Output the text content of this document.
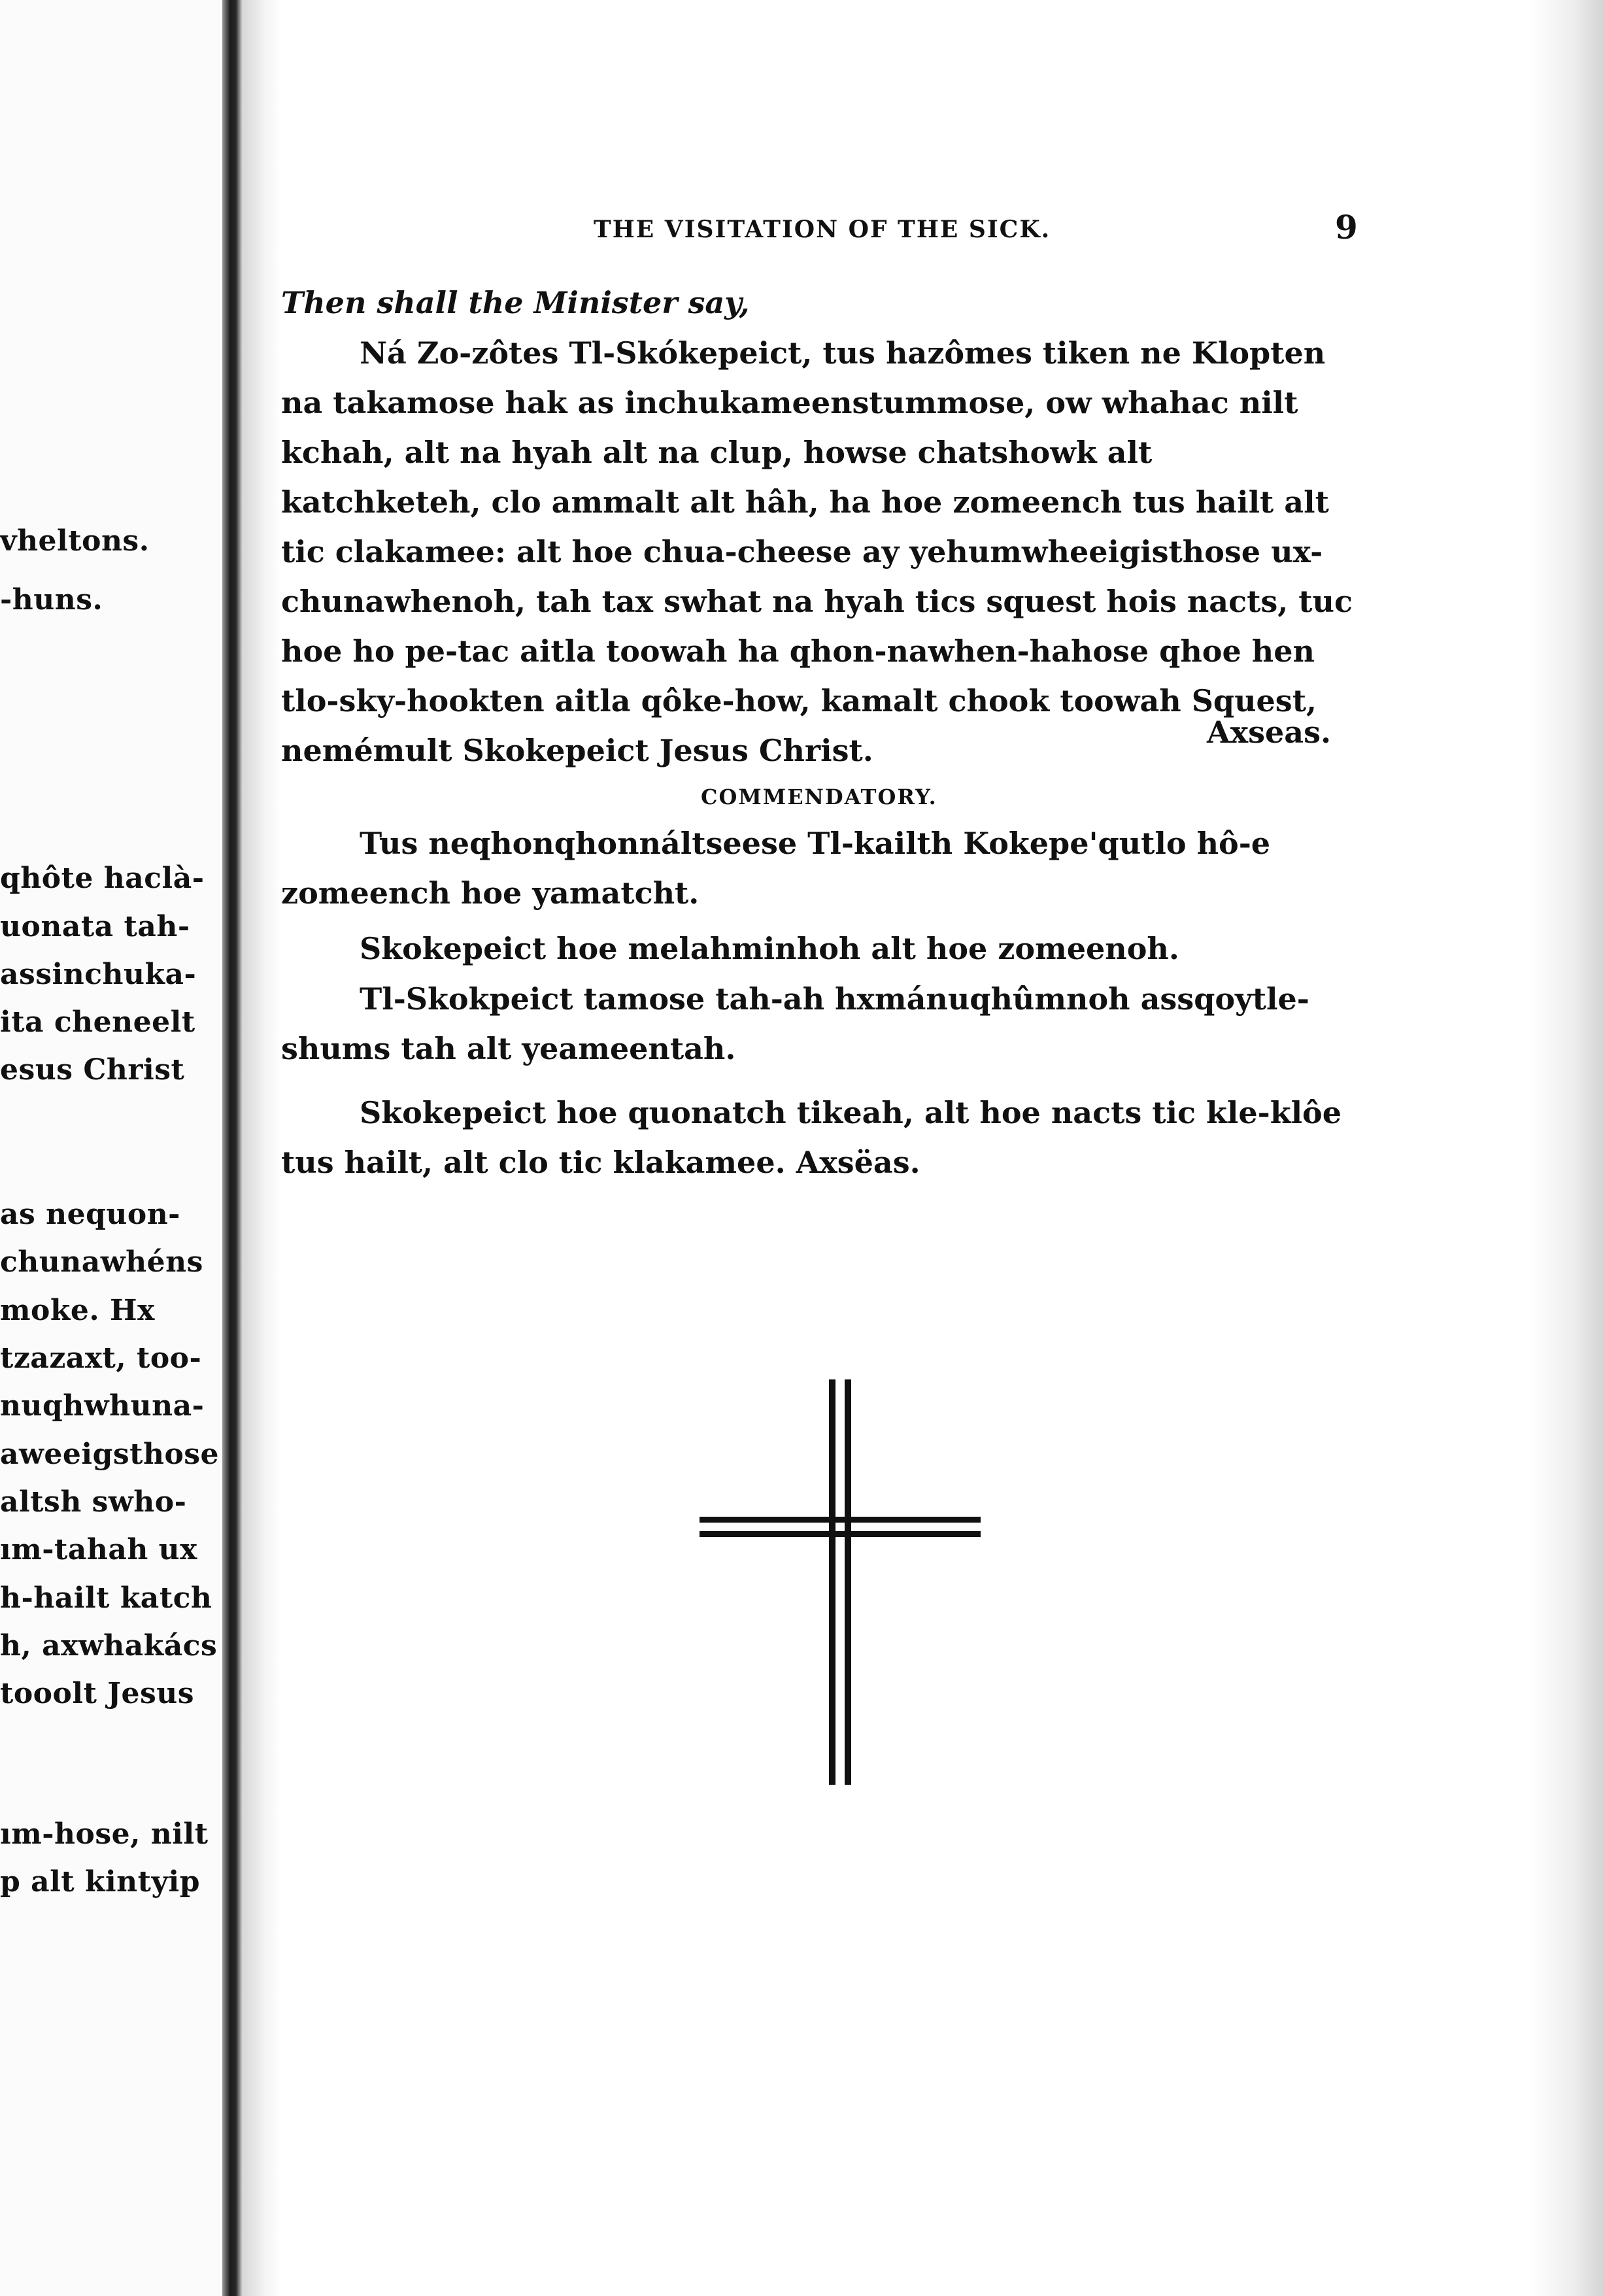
vheltons.
-huns.
qhôte haclà-
uonata tah-
assinchuka-
ita cheneelt
esus Christ
as nequon-
chunawhéns
moke. Hx
tzazaxt, too-
nuqhwhuna-
aweeigsthose
altsh swho-
ım-tahah ux
h-hailt katch
h, axwhakács
tooolt Jesus
ım-hose, nilt
p alt kintyip
THE VISITATION OF THE SICK.	9
Then shall the Minister say,
Ná Zo-zôtes Tl-Skókepeict, tus hazômes tiken ne Klopten na takamose hak as inchukameenstummose, ow whahac nilt kchah, alt na hyah alt na clup, howse chatshowk alt katchketeh, clo ammalt alt hâh, ha hoe zomeench tus hailt alt tic clakamee: alt hoe chua-cheese ay yehumwheeigisthose ux-chunawhenoh, tah tax swhat na hyah tics squest hois nacts, tuc hoe ho pe-tac aitla toowah ha qhon-nawhen-hahose qhoe hen tlo-sky-hookten aitla qôke-how, kamalt chook toowah Squest, nemémult Skokepeict Jesus Christ.
Axseas.
COMMENDATORY.
Tus neqhonqhonnáltseese Tl-kailth Kokepe'qutlo hô-e zomeench hoe yamatcht.
Skokepeict hoe melahminhoh alt hoe zomeenoh.
Tl-Skokpeict tamose tah-ah hxmánuqhûmnoh assqoytle-shums tah alt yeameentah.
Skokepeict hoe quonatch tikeah, alt hoe nacts tic kle-klôe tus hailt, alt clo tic klakamee. Axsëas.
